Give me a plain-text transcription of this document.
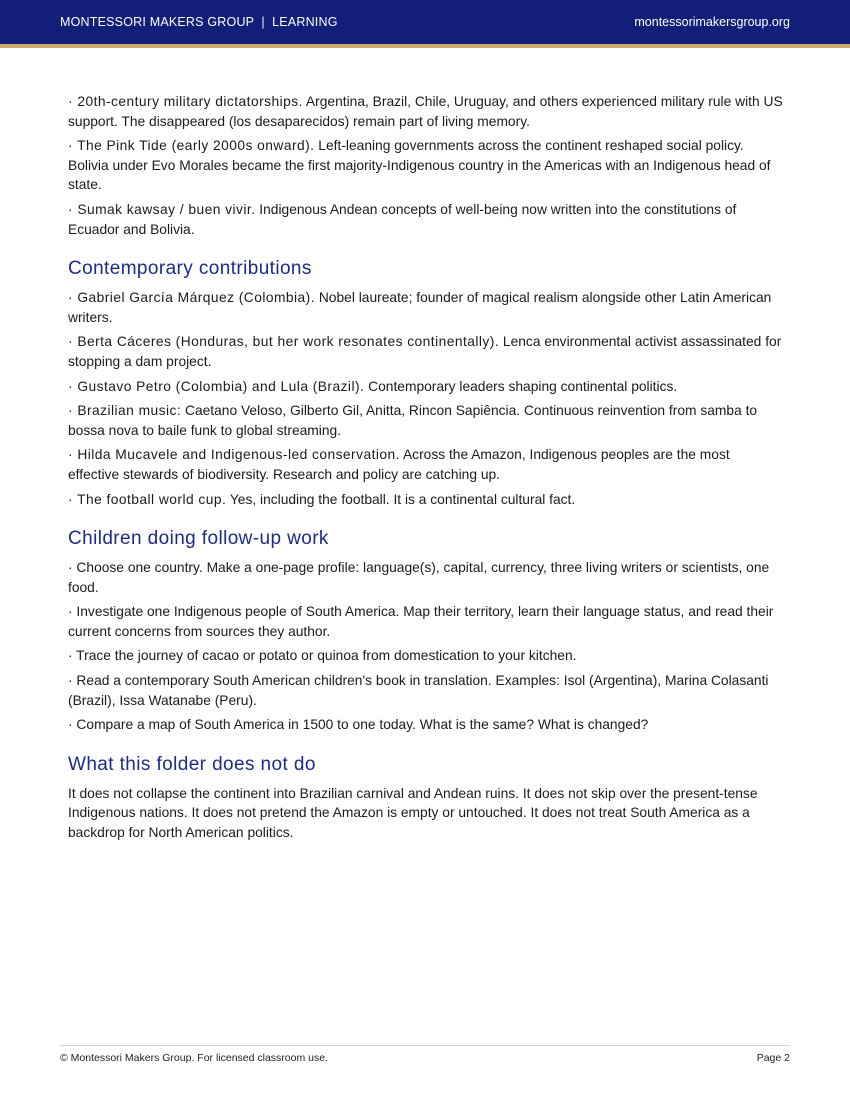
MONTESSORI MAKERS GROUP  |  LEARNING	montessorimakersgroup.org

· 20th-century military dictatorships. Argentina, Brazil, Chile, Uruguay, and others experienced military rule with US support. The disappeared (los desaparecidos) remain part of living memory.

· The Pink Tide (early 2000s onward). Left-leaning governments across the continent reshaped social policy. Bolivia under Evo Morales became the first majority-Indigenous country in the Americas with an Indigenous head of state.

· Sumak kawsay / buen vivir. Indigenous Andean concepts of well-being now written into the constitutions of Ecuador and Bolivia.

Contemporary contributions

· Gabriel García Márquez (Colombia). Nobel laureate; founder of magical realism alongside other Latin American writers.

· Berta Cáceres (Honduras, but her work resonates continentally). Lenca environmental activist assassinated for stopping a dam project.

· Gustavo Petro (Colombia) and Lula (Brazil). Contemporary leaders shaping continental politics.

· Brazilian music: Caetano Veloso, Gilberto Gil, Anitta, Rincon Sapiência. Continuous reinvention from samba to bossa nova to baile funk to global streaming.

· Hilda Mucavele and Indigenous-led conservation. Across the Amazon, Indigenous peoples are the most effective stewards of biodiversity. Research and policy are catching up.

· The football world cup. Yes, including the football. It is a continental cultural fact.

Children doing follow-up work

· Choose one country. Make a one-page profile: language(s), capital, currency, three living writers or scientists, one food.

· Investigate one Indigenous people of South America. Map their territory, learn their language status, and read their current concerns from sources they author.

· Trace the journey of cacao or potato or quinoa from domestication to your kitchen.

· Read a contemporary South American children's book in translation. Examples: Isol (Argentina), Marina Colasanti (Brazil), Issa Watanabe (Peru).

· Compare a map of South America in 1500 to one today. What is the same? What is changed?

What this folder does not do

It does not collapse the continent into Brazilian carnival and Andean ruins. It does not skip over the present-tense Indigenous nations. It does not pretend the Amazon is empty or untouched. It does not treat South America as a backdrop for North American politics.

© Montessori Makers Group. For licensed classroom use.	Page 2
